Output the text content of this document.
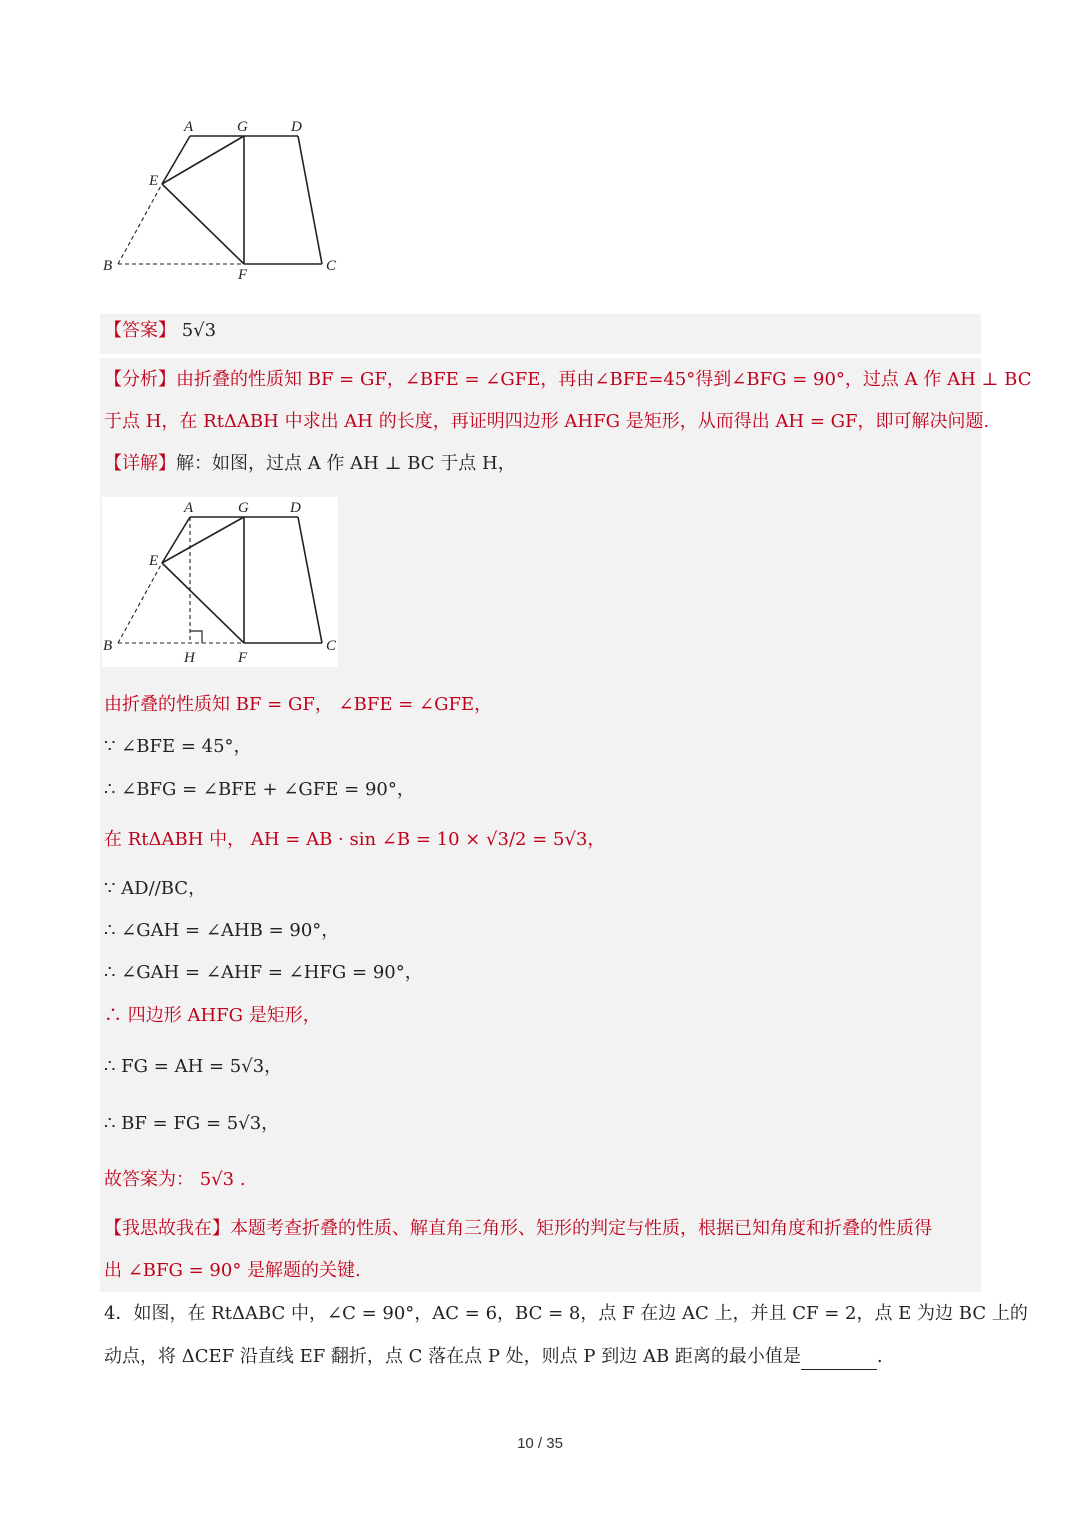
A	G	D
E
B
F
C
【答案】 5√3
【分析】由折叠的性质知 BF = GF，∠BFE = ∠GFE，再由∠BFE=45°得到∠BFG = 90°，过点 A 作 AH ⊥ BC
于点 H，在 RtΔABH 中求出 AH 的长度，再证明四边形 AHFG 是矩形，从而得出 AH = GF，即可解决问题.
【详解】解：如图，过点 A 作 AH ⊥ BC 于点 H，
A	G	D
E
B
H	F
C
由折叠的性质知 BF = GF， ∠BFE = ∠GFE，
∵ ∠BFE = 45°，
∴ ∠BFG = ∠BFE + ∠GFE = 90°，
在 RtΔABH 中， AH = AB · sin ∠B = 10 × √3/2 = 5√3，
∵ AD//BC，
∴ ∠GAH = ∠AHB = 90°，
∴ ∠GAH = ∠AHF = ∠HFG = 90°，
∴ 四边形 AHFG 是矩形，
∴ FG = AH = 5√3，
∴ BF = FG = 5√3，
故答案为： 5√3 .
【我思故我在】本题考查折叠的性质、解直角三角形、矩形的判定与性质，根据已知角度和折叠的性质得
出 ∠BFG = 90° 是解题的关键.
4．如图，在 RtΔABC 中，∠C = 90°，AC = 6，BC = 8，点 F 在边 AC 上，并且 CF = 2，点 E 为边 BC 上的
动点，将 ΔCEF 沿直线 EF 翻折，点 C 落在点 P 处，则点 P 到边 AB 距离的最小值是	.
10 / 35
